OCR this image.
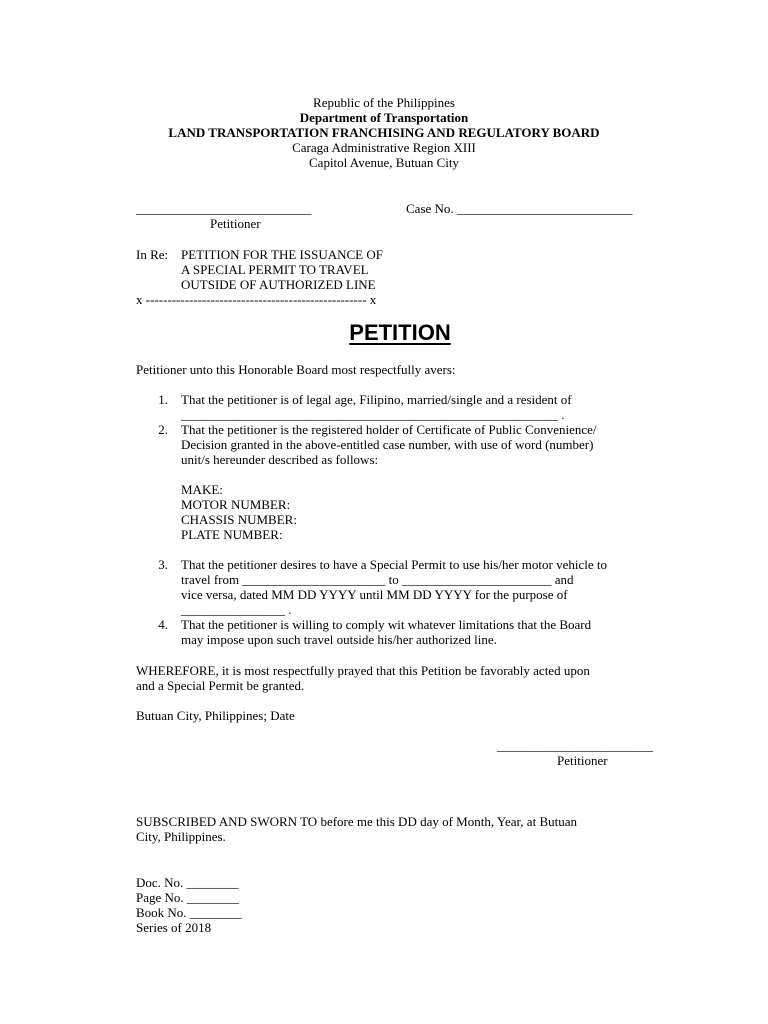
Republic of the Philippines
Department of Transportation
LAND TRANSPORTATION FRANCHISING AND REGULATORY BOARD
Caraga Administrative Region XIII
Capitol Avenue, Butuan City
___________________________	Case No. ___________________________
Petitioner
In Re: PETITION FOR THE ISSUANCE OF
A SPECIAL PERMIT TO TRAVEL
OUTSIDE OF AUTHORIZED LINE
x --------------------------------------------------- x
PETITION
Petitioner unto this Honorable Board most respectfully avers:
1. That the petitioner is of legal age, Filipino, married/single and a resident of
__________________________________________________________ .
2. That the petitioner is the registered holder of Certificate of Public Convenience/
Decision granted in the above-entitled case number, with use of word (number)
unit/s hereunder described as follows:
MAKE:
MOTOR NUMBER:
CHASSIS NUMBER:
PLATE NUMBER:
3. That the petitioner desires to have a Special Permit to use his/her motor vehicle to
travel from ______________________ to _______________________ and
vice versa, dated MM DD YYYY until MM DD YYYY for the purpose of
________________ .
4. That the petitioner is willing to comply wit whatever limitations that the Board
may impose upon such travel outside his/her authorized line.
WHEREFORE, it is most respectfully prayed that this Petition be favorably acted upon
and a Special Permit be granted.
Butuan City, Philippines; Date
________________________
Petitioner
SUBSCRIBED AND SWORN TO before me this DD day of Month, Year, at Butuan
City, Philippines.
Doc. No. ________
Page No. ________
Book No. ________
Series of 2018
